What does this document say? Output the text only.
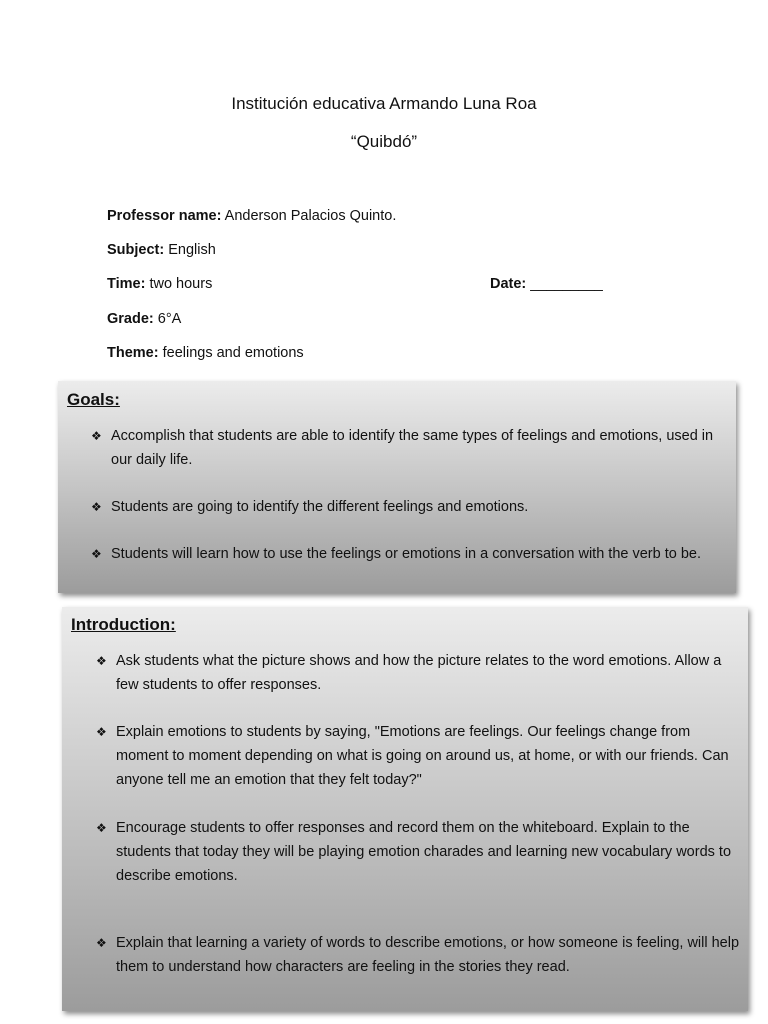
Institución educativa Armando Luna Roa
“Quibdó”
Professor name: Anderson Palacios Quinto.
Subject: English
Time: two hours	Date: _________
Grade: 6°A
Theme: feelings and emotions
Goals:
❖ Accomplish that students are able to identify the same types of feelings and emotions, used in our daily life.
❖ Students are going to identify the different feelings and emotions.
❖ Students will learn how to use the feelings or emotions in a conversation with the verb to be.
Introduction:
❖ Ask students what the picture shows and how the picture relates to the word emotions. Allow a few students to offer responses.
❖ Explain emotions to students by saying, "Emotions are feelings. Our feelings change from moment to moment depending on what is going on around us, at home, or with our friends. Can anyone tell me an emotion that they felt today?"
❖ Encourage students to offer responses and record them on the whiteboard. Explain to the students that today they will be playing emotion charades and learning new vocabulary words to describe emotions.
❖ Explain that learning a variety of words to describe emotions, or how someone is feeling, will help them to understand how characters are feeling in the stories they read.
